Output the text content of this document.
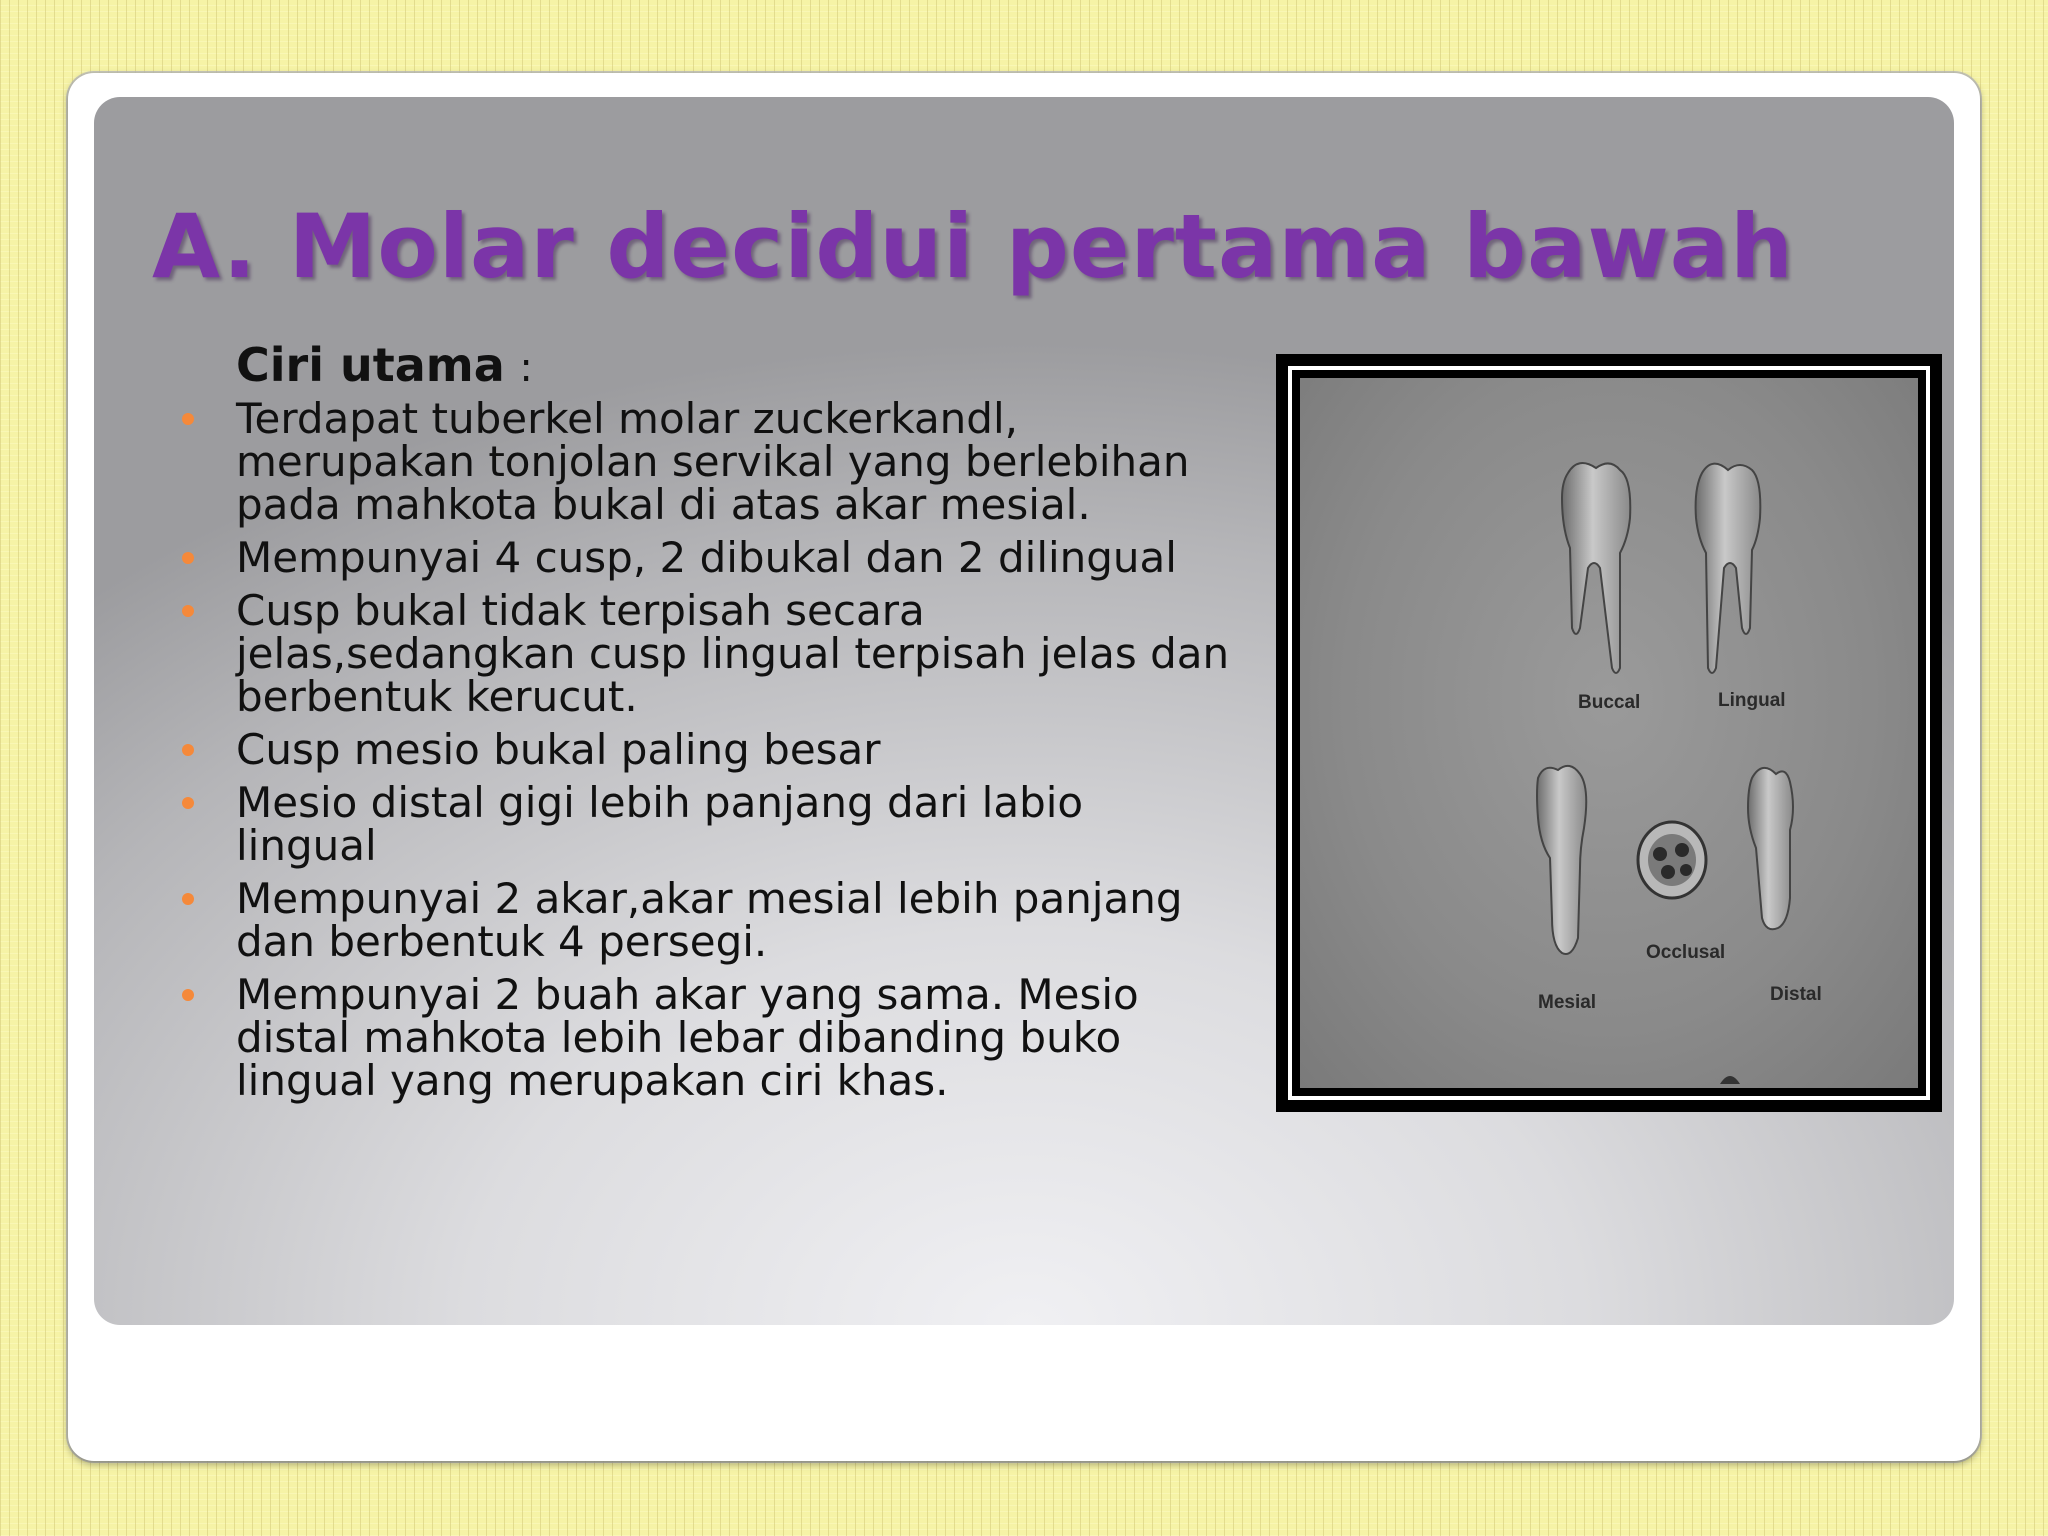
A. Molar decidui pertama bawah

Ciri utama :

Terdapat tuberkel molar zuckerkandl, merupakan tonjolan servikal yang berlebihan pada mahkota bukal di atas akar mesial.
Mempunyai 4 cusp, 2 dibukal dan 2 dilingual
Cusp bukal tidak terpisah secara jelas,sedangkan cusp lingual terpisah jelas dan berbentuk kerucut.
Cusp mesio bukal paling besar
Mesio distal gigi lebih panjang dari labio lingual
Mempunyai 2 akar,akar mesial lebih panjang dan berbentuk 4 persegi.
Mempunyai 2 buah akar yang sama. Mesio distal mahkota lebih lebar dibanding buko lingual yang merupakan ciri khas.
Buccal	Lingual
Occlusal
Mesial	Distal
